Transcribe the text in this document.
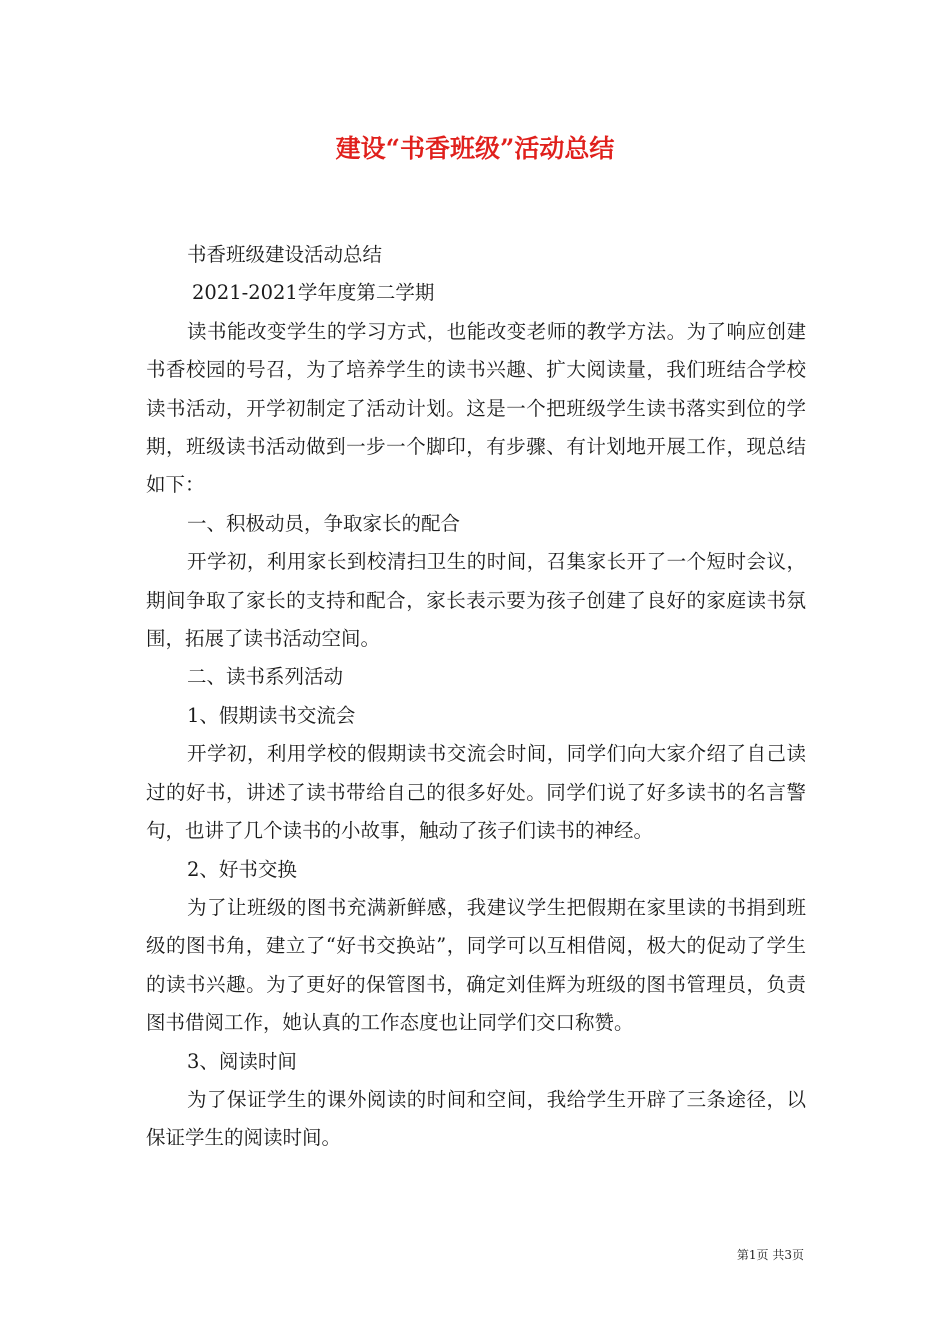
建设“书香班级”活动总结

书香班级建设活动总结

2021-2021学年度第二学期

读书能改变学生的学习方式，也能改变老师的教学方法。为了响应创建书香校园的号召，为了培养学生的读书兴趣、扩大阅读量，我们班结合学校读书活动，开学初制定了活动计划。这是一个把班级学生读书落实到位的学期，班级读书活动做到一步一个脚印，有步骤、有计划地开展工作，现总结如下：

一、积极动员，争取家长的配合

开学初，利用家长到校清扫卫生的时间，召集家长开了一个短时会议，期间争取了家长的支持和配合，家长表示要为孩子创建了良好的家庭读书氛围，拓展了读书活动空间。

二、读书系列活动

1、假期读书交流会

开学初，利用学校的假期读书交流会时间，同学们向大家介绍了自己读过的好书，讲述了读书带给自己的很多好处。同学们说了好多读书的名言警句，也讲了几个读书的小故事，触动了孩子们读书的神经。

2、好书交换

为了让班级的图书充满新鲜感，我建议学生把假期在家里读的书捐到班级的图书角，建立了“好书交换站”，同学可以互相借阅，极大的促动了学生的读书兴趣。为了更好的保管图书，确定刘佳辉为班级的图书管理员，负责图书借阅工作，她认真的工作态度也让同学们交口称赞。

3、阅读时间

为了保证学生的课外阅读的时间和空间，我给学生开辟了三条途径，以保证学生的阅读时间。

第1页 共3页
